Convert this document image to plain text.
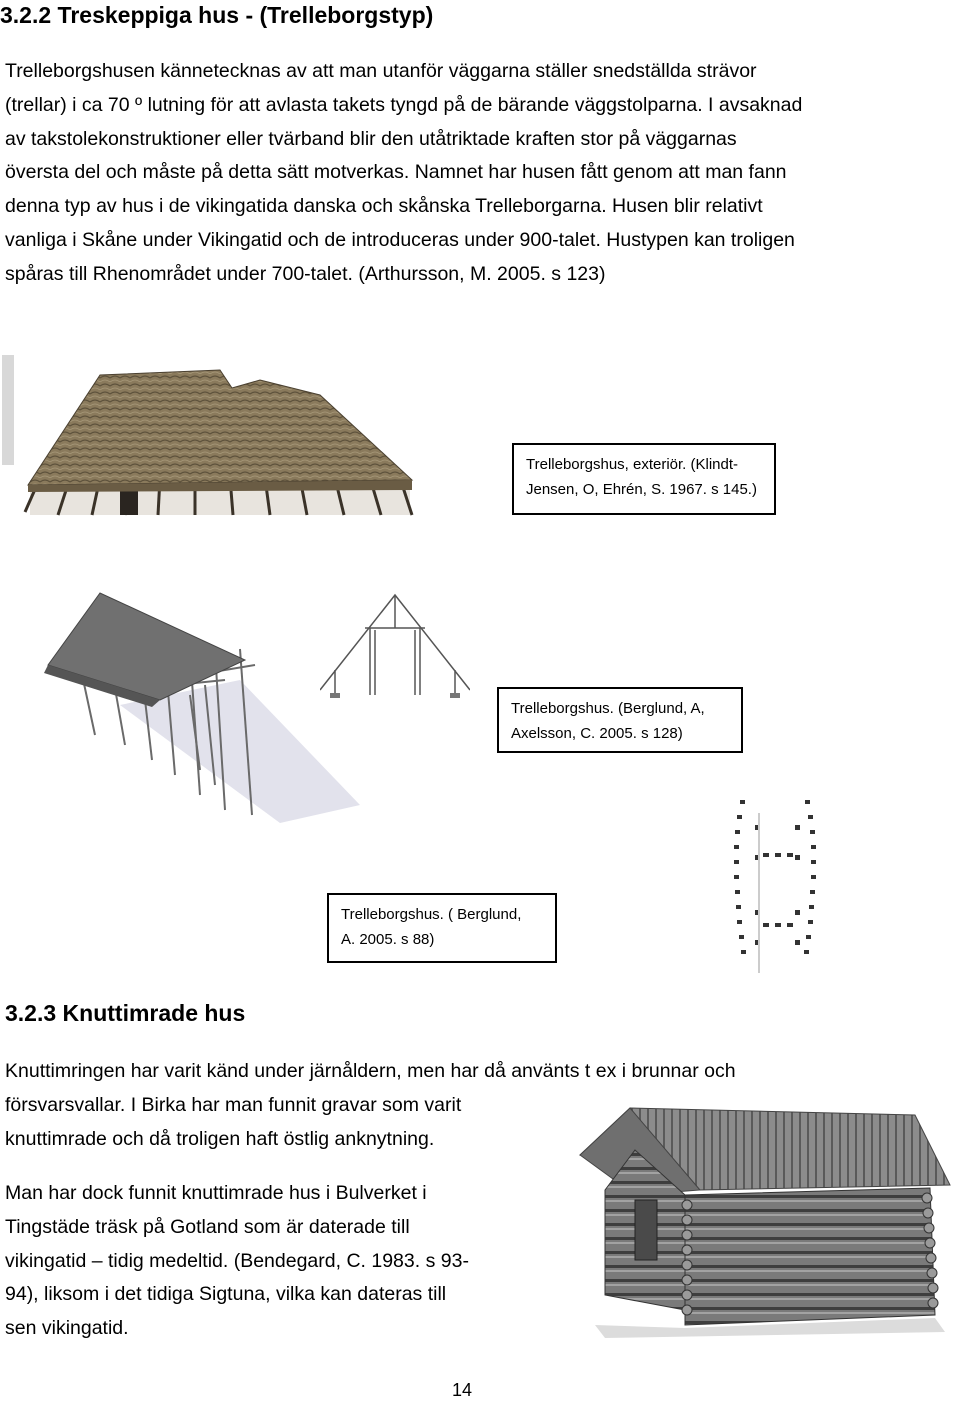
3.2.2 Treskeppiga hus - (Trelleborgstyp)
Trelleborgshusen kännetecknas av att man utanför väggarna ställer snedställda strävor
(trellar) i ca 70 º lutning för att avlasta takets tyngd på de bärande väggstolparna. I avsaknad
av takstolekonstruktioner eller tvärband blir den utåtriktade kraften stor på väggarnas
översta del och måste på detta sätt motverkas. Namnet har husen fått genom att man fann
denna typ av hus i de vikingatida danska och skånska Trelleborgarna. Husen blir relativt
vanliga i Skåne under Vikingatid och de introduceras under 900-talet. Hustypen kan troligen
spåras till Rhenområdet under 700-talet. (Arthursson, M. 2005. s 123)
Trelleborgshus, exteriör. (Klindt-
Jensen, O, Ehrén, S. 1967. s 145.)
Trelleborgshus. (Berglund, A,
Axelsson, C. 2005. s 128)
Trelleborgshus. ( Berglund,
A. 2005. s 88)
3.2.3 Knuttimrade hus
Knuttimringen har varit känd under järnåldern, men har då använts t ex i brunnar och
försvarsvallar. I Birka har man funnit gravar som varit
knuttimrade och då troligen haft östlig anknytning.
Man har dock funnit knuttimrade hus i Bulverket i
Tingstäde träsk på Gotland som är daterade till
vikingatid – tidig medeltid. (Bendegard, C. 1983. s 93-
94), liksom i det tidiga Sigtuna, vilka kan dateras till
sen vikingatid.
14
